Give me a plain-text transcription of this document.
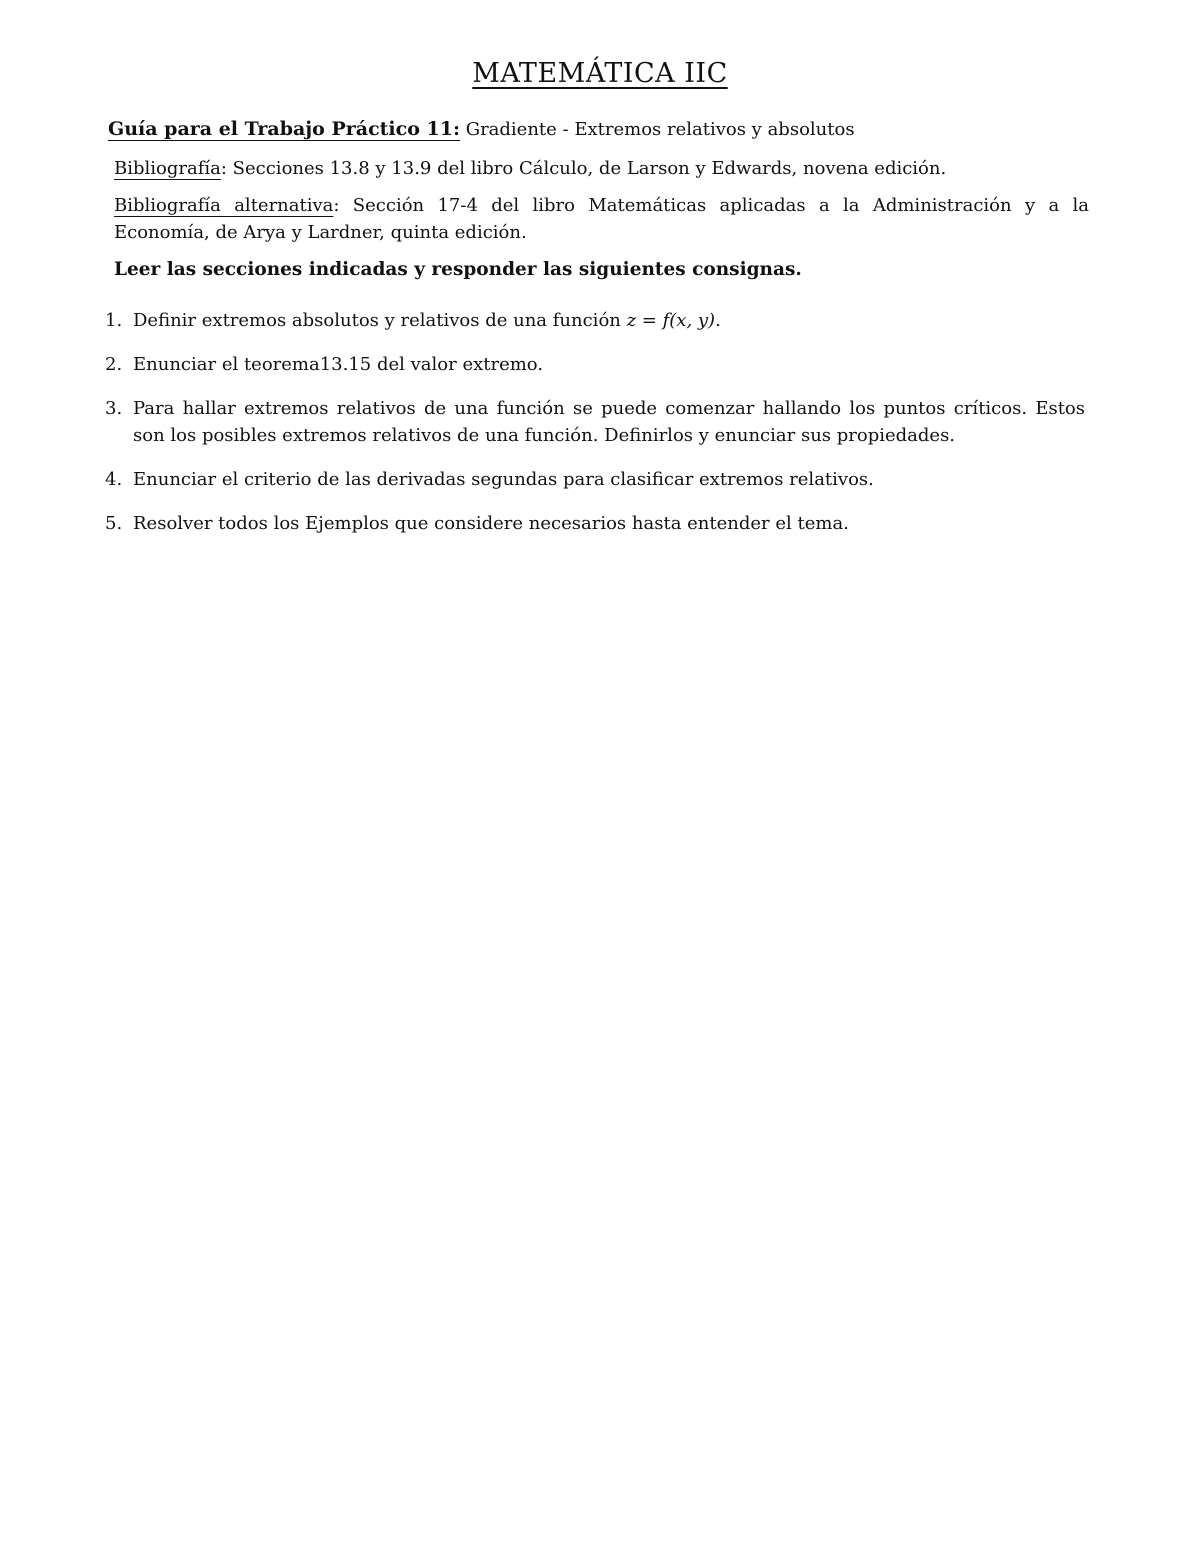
MATEMÁTICA IIC
Guía para el Trabajo Práctico 11: Gradiente - Extremos relativos y absolutos
Bibliografía: Secciones 13.8 y 13.9 del libro Cálculo, de Larson y Edwards, novena edición.
Bibliografía alternativa: Sección 17-4 del libro Matemáticas aplicadas a la Administración y a la Economía, de Arya y Lardner, quinta edición.
Leer las secciones indicadas y responder las siguientes consignas.
1. Definir extremos absolutos y relativos de una función z = f(x, y).
2. Enunciar el teorema13.15 del valor extremo.
3. Para hallar extremos relativos de una función se puede comenzar hallando los puntos críticos. Estos son los posibles extremos relativos de una función. Definirlos y enunciar sus propiedades.
4. Enunciar el criterio de las derivadas segundas para clasificar extremos relativos.
5. Resolver todos los Ejemplos que considere necesarios hasta entender el tema.
